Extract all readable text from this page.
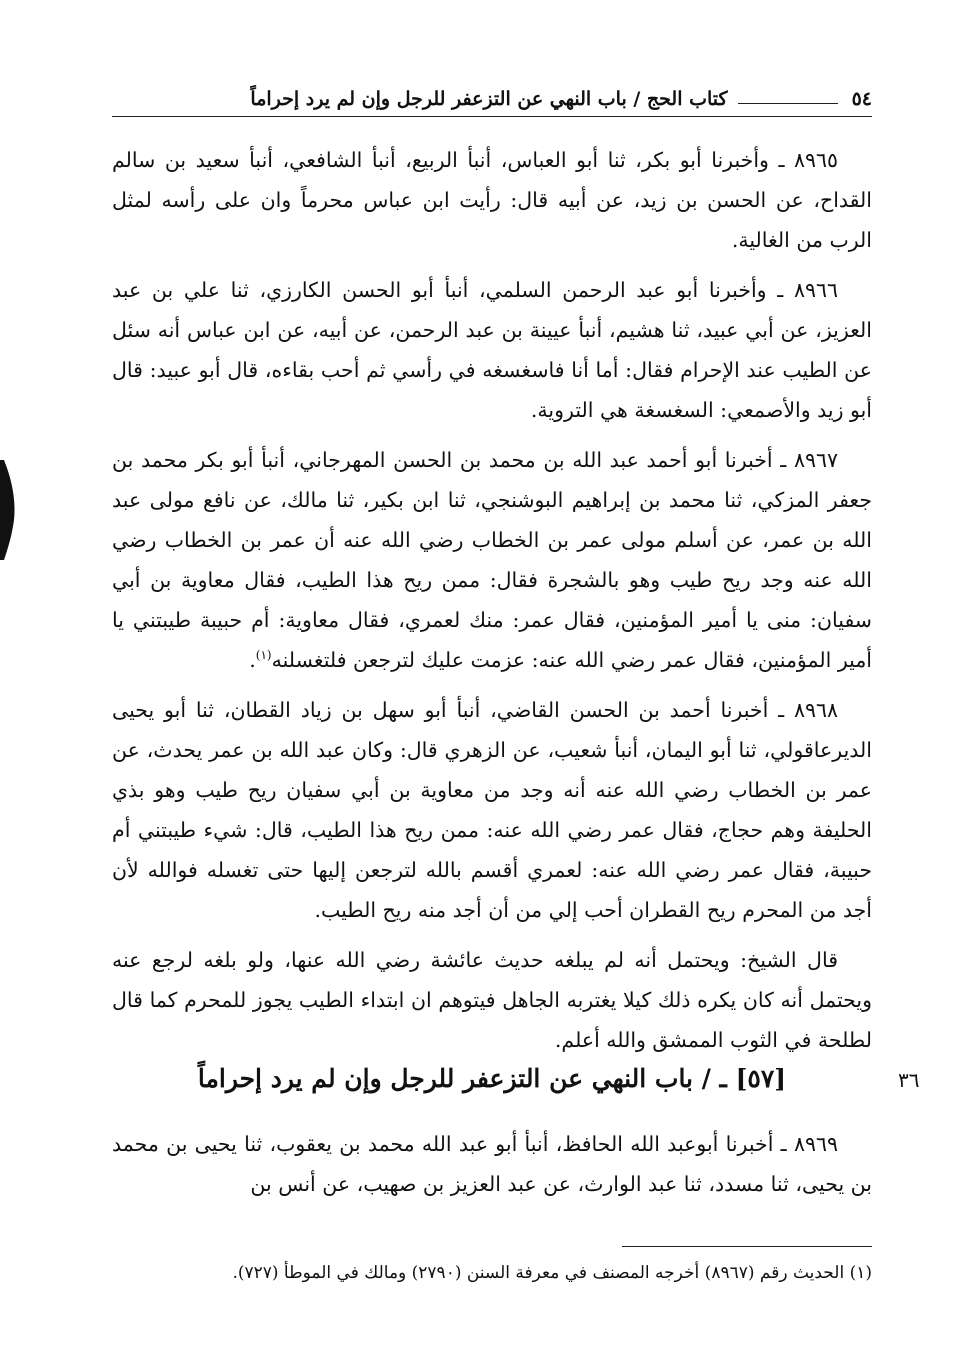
٥٤
كتاب الحج / باب النهي عن التزعفر للرجل وإن لم يرد إحراماً

٨٩٦٥ ـ وأخبرنا أبو بكر، ثنا أبو العباس، أنبأ الربيع، أنبأ الشافعي، أنبأ سعيد بن سالم القداح، عن الحسن بن زيد، عن أبيه قال: رأيت ابن عباس محرماً وان على رأسه لمثل الرب من الغالية.

٨٩٦٦ ـ وأخبرنا أبو عبد الرحمن السلمي، أنبأ أبو الحسن الكارزي، ثنا علي بن عبد العزيز، عن أبي عبيد، ثنا هشيم، أنبأ عيينة بن عبد الرحمن، عن أبيه، عن ابن عباس أنه سئل عن الطيب عند الإحرام فقال: أما أنا فاسغسغه في رأسي ثم أحب بقاءه، قال أبو عبيد: قال أبو زيد والأصمعي: السغسغة هي التروية.

٨٩٦٧ ـ أخبرنا أبو أحمد عبد الله بن محمد بن الحسن المهرجاني، أنبأ أبو بكر محمد بن جعفر المزكي، ثنا محمد بن إبراهيم البوشنجي، ثنا ابن بكير، ثنا مالك، عن نافع مولى عبد الله بن عمر، عن أسلم مولى عمر بن الخطاب رضي الله عنه أن عمر بن الخطاب رضي الله عنه وجد ريح طيب وهو بالشجرة فقال: ممن ريح هذا الطيب، فقال معاوية بن أبي سفيان: منى يا أمير المؤمنين، فقال عمر: منك لعمري، فقال معاوية: أم حبيبة طيبتني يا أمير المؤمنين، فقال عمر رضي الله عنه: عزمت عليك لترجعن فلتغسلنه$^{(١)}$.

٨٩٦٨ ـ أخبرنا أحمد بن الحسن القاضي، أنبأ أبو سهل بن زياد القطان، ثنا أبو يحيى الديرعاقولي، ثنا أبو اليمان، أنبأ شعيب، عن الزهري قال: وكان عبد الله بن عمر يحدث، عن عمر بن الخطاب رضي الله عنه أنه وجد من معاوية بن أبي سفيان ريح طيب وهو بذي الحليفة وهم حجاج، فقال عمر رضي الله عنه: ممن ريح هذا الطيب، قال: شيء طيبتني أم حبيبة، فقال عمر رضي الله عنه: لعمري أقسم بالله لترجعن إليها حتى تغسله فوالله لأن أجد من المحرم ريح القطران أحب إلي من أن أجد منه ريح الطيب.

قال الشيخ: ويحتمل أنه لم يبلغه حديث عائشة رضي الله عنها، ولو بلغه لرجع عنه ويحتمل أنه كان يكره ذلك كيلا يغتربه الجاهل فيتوهم ان ابتداء الطيب يجوز للمحرم كما قال لطلحة في الثوب الممشق والله أعلم.

٣٦
[٥٧] ـ / باب النهي عن التزعفر للرجل وإن لم يرد إحراماً

٨٩٦٩ ـ أخبرنا أبوعبد الله الحافظ، أنبأ أبو عبد الله محمد بن يعقوب، ثنا يحيى بن محمد بن يحيى، ثنا مسدد، ثنا عبد الوارث، عن عبد العزيز بن صهيب، عن أنس بن

(١) الحديث رقم (٨٩٦٧) أخرجه المصنف في معرفة السنن (٢٧٩٠) ومالك في الموطأ (٧٢٧).
